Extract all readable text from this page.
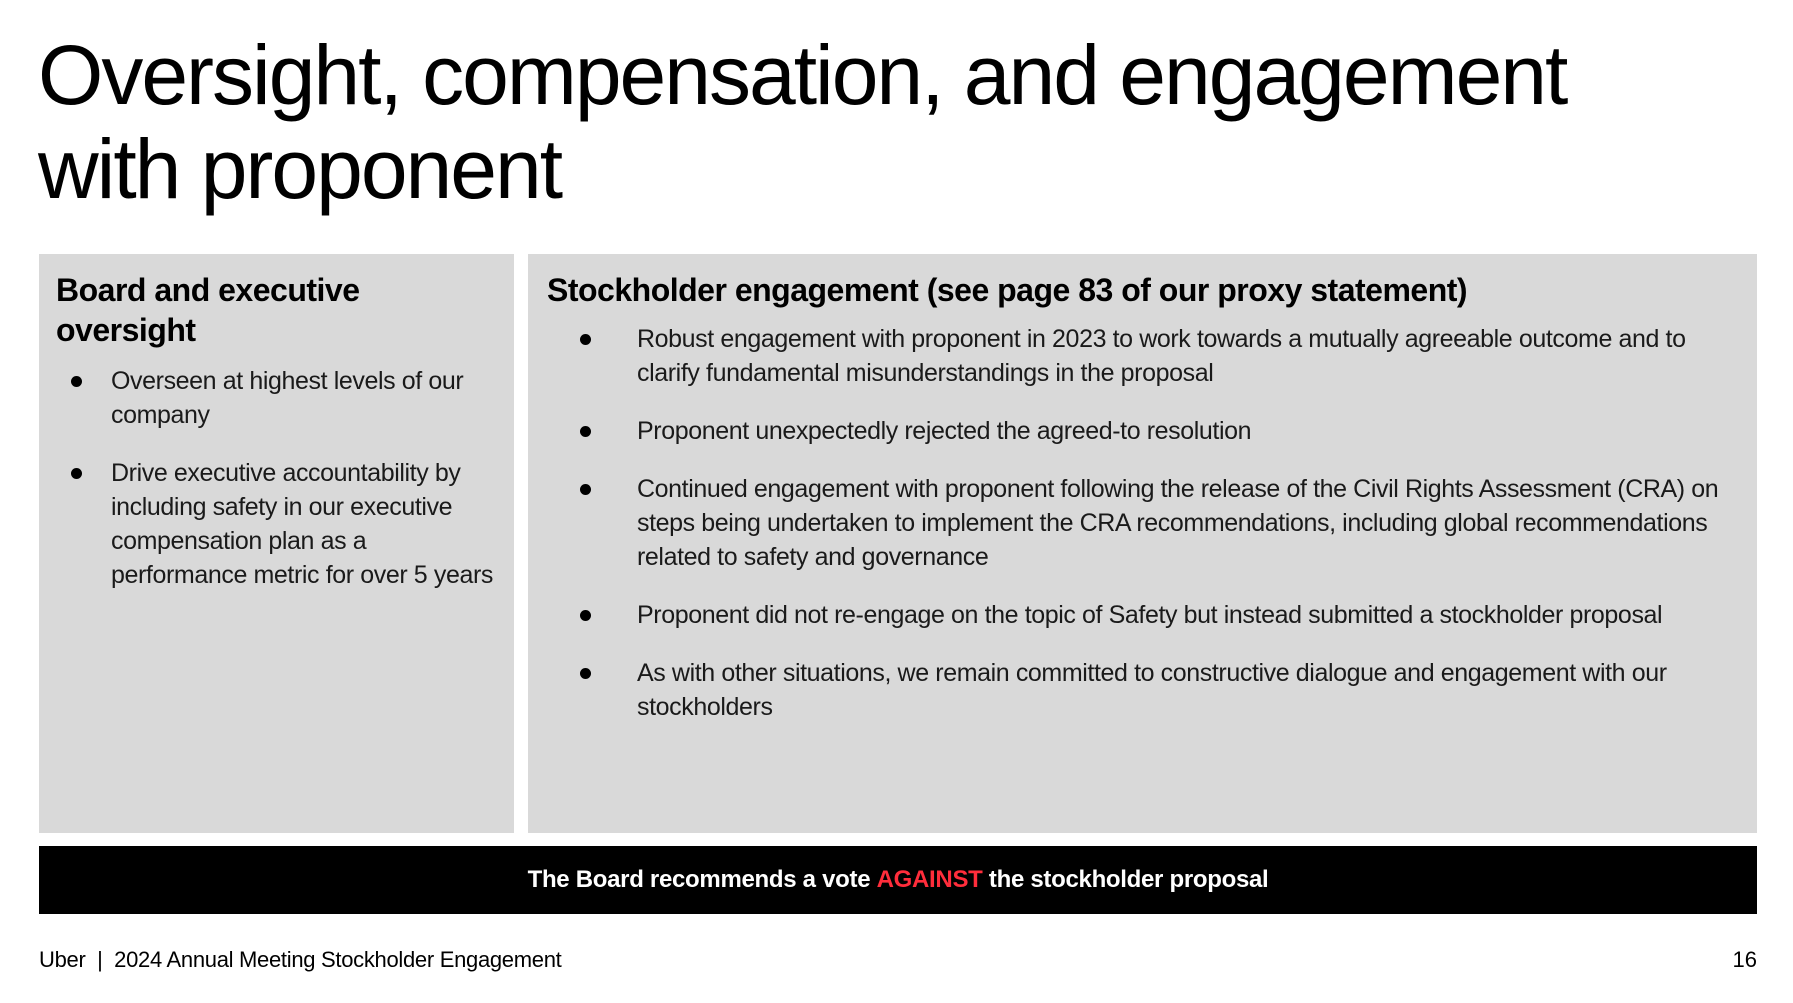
Oversight, compensation, and engagement
with proponent
Board and executive
oversight
Overseen at highest levels of our company
Drive executive accountability by including safety in our executive compensation plan as a performance metric for over 5 years
Stockholder engagement (see page 83 of our proxy statement)
Robust engagement with proponent in 2023 to work towards a mutually agreeable outcome and to clarify fundamental misunderstandings in the proposal
Proponent unexpectedly rejected the agreed-to resolution
Continued engagement with proponent following the release of the Civil Rights Assessment (CRA) on steps being undertaken to implement the CRA recommendations, including global recommendations related to safety and governance
Proponent did not re-engage on the topic of Safety but instead submitted a stockholder proposal
As with other situations, we remain committed to constructive dialogue and engagement with our stockholders
The Board recommends a vote AGAINST the stockholder proposal
Uber | 2024 Annual Meeting Stockholder Engagement	16
